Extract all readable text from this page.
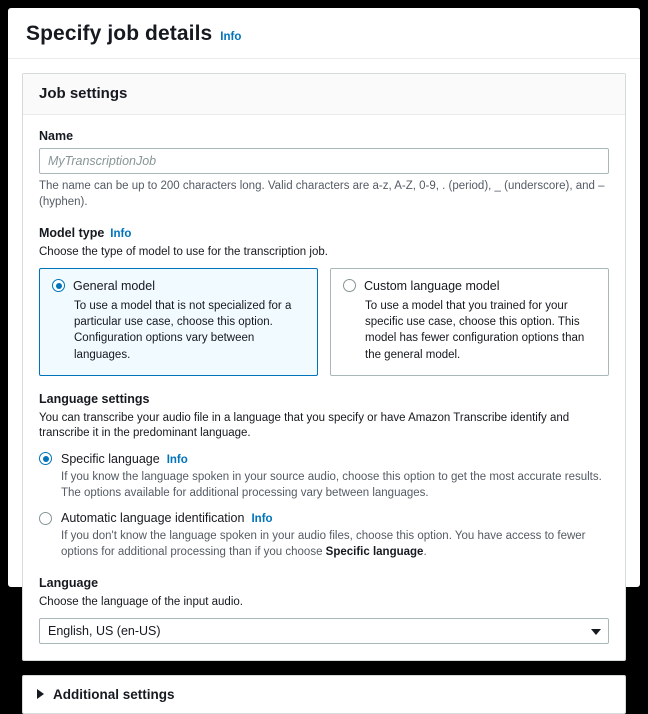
Specify job details Info
Job settings
Name
MyTranscriptionJob
The name can be up to 200 characters long. Valid characters are a-z, A-Z, 0-9, . (period), _ (underscore), and – (hyphen).
Model type Info
Choose the type of model to use for the transcription job.
General model
To use a model that is not specialized for a particular use case, choose this option. Configuration options vary between languages.
Custom language model
To use a model that you trained for your specific use case, choose this option. This model has fewer configuration options than the general model.
Language settings
You can transcribe your audio file in a language that you specify or have Amazon Transcribe identify and transcribe it in the predominant language.
Specific language Info
If you know the language spoken in your source audio, choose this option to get the most accurate results. The options available for additional processing vary between languages.
Automatic language identification Info
If you don't know the language spoken in your audio files, choose this option. You have access to fewer options for additional processing than if you choose Specific language.
Language
Choose the language of the input audio.
English, US (en-US)
Additional settings
